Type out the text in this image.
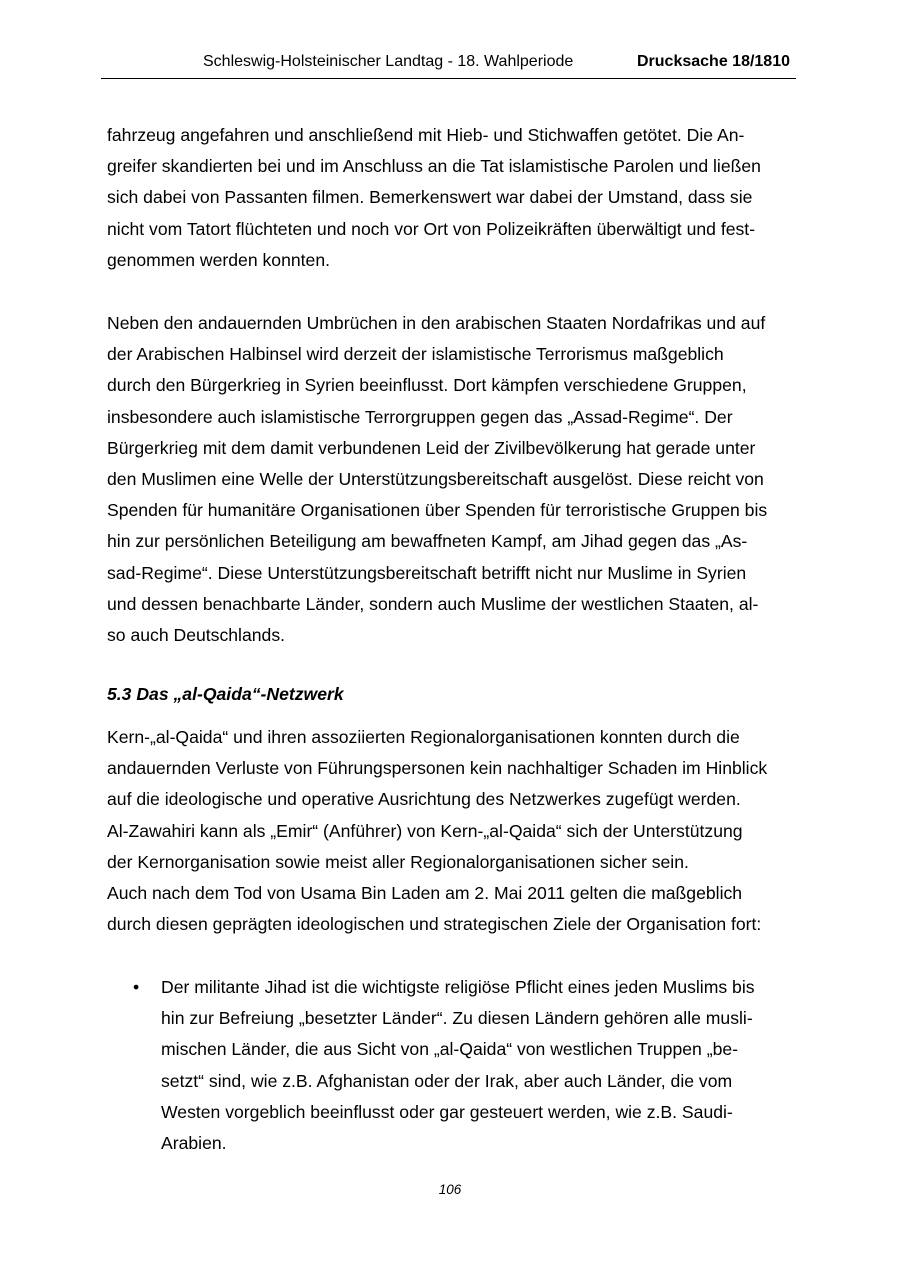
Schleswig-Holsteinischer Landtag - 18. Wahlperiode	Drucksache 18/1810
fahrzeug angefahren und anschließend mit Hieb- und Stichwaffen getötet. Die An-
greifer skandierten bei und im Anschluss an die Tat islamistische Parolen und ließen
sich dabei von Passanten filmen. Bemerkenswert war dabei der Umstand, dass sie
nicht vom Tatort flüchteten und noch vor Ort von Polizeikräften überwältigt und fest-
genommen werden konnten.
Neben den andauernden Umbrüchen in den arabischen Staaten Nordafrikas und auf
der Arabischen Halbinsel wird derzeit der islamistische Terrorismus maßgeblich
durch den Bürgerkrieg in Syrien beeinflusst. Dort kämpfen verschiedene Gruppen,
insbesondere auch islamistische Terrorgruppen gegen das „Assad-Regime“. Der
Bürgerkrieg mit dem damit verbundenen Leid der Zivilbevölkerung hat gerade unter
den Muslimen eine Welle der Unterstützungsbereitschaft ausgelöst. Diese reicht von
Spenden für humanitäre Organisationen über Spenden für terroristische Gruppen bis
hin zur persönlichen Beteiligung am bewaffneten Kampf, am Jihad gegen das „As-
sad-Regime“. Diese Unterstützungsbereitschaft betrifft nicht nur Muslime in Syrien
und dessen benachbarte Länder, sondern auch Muslime der westlichen Staaten, al-
so auch Deutschlands.
5.3 Das „al-Qaida“-Netzwerk
Kern-„al-Qaida“ und ihren assoziierten Regionalorganisationen konnten durch die
andauernden Verluste von Führungspersonen kein nachhaltiger Schaden im Hinblick
auf die ideologische und operative Ausrichtung des Netzwerkes zugefügt werden.
Al-Zawahiri kann als „Emir“ (Anführer) von Kern-„al-Qaida“ sich der Unterstützung
der Kernorganisation sowie meist aller Regionalorganisationen sicher sein.
Auch nach dem Tod von Usama Bin Laden am 2. Mai 2011 gelten die maßgeblich
durch diesen geprägten ideologischen und strategischen Ziele der Organisation fort:
• Der militante Jihad ist die wichtigste religiöse Pflicht eines jeden Muslims bis
hin zur Befreiung „besetzter Länder“. Zu diesen Ländern gehören alle musli-
mischen Länder, die aus Sicht von „al-Qaida“ von westlichen Truppen „be-
setzt“ sind, wie z.B. Afghanistan oder der Irak, aber auch Länder, die vom
Westen vorgeblich beeinflusst oder gar gesteuert werden, wie z.B. Saudi-
Arabien.
106
